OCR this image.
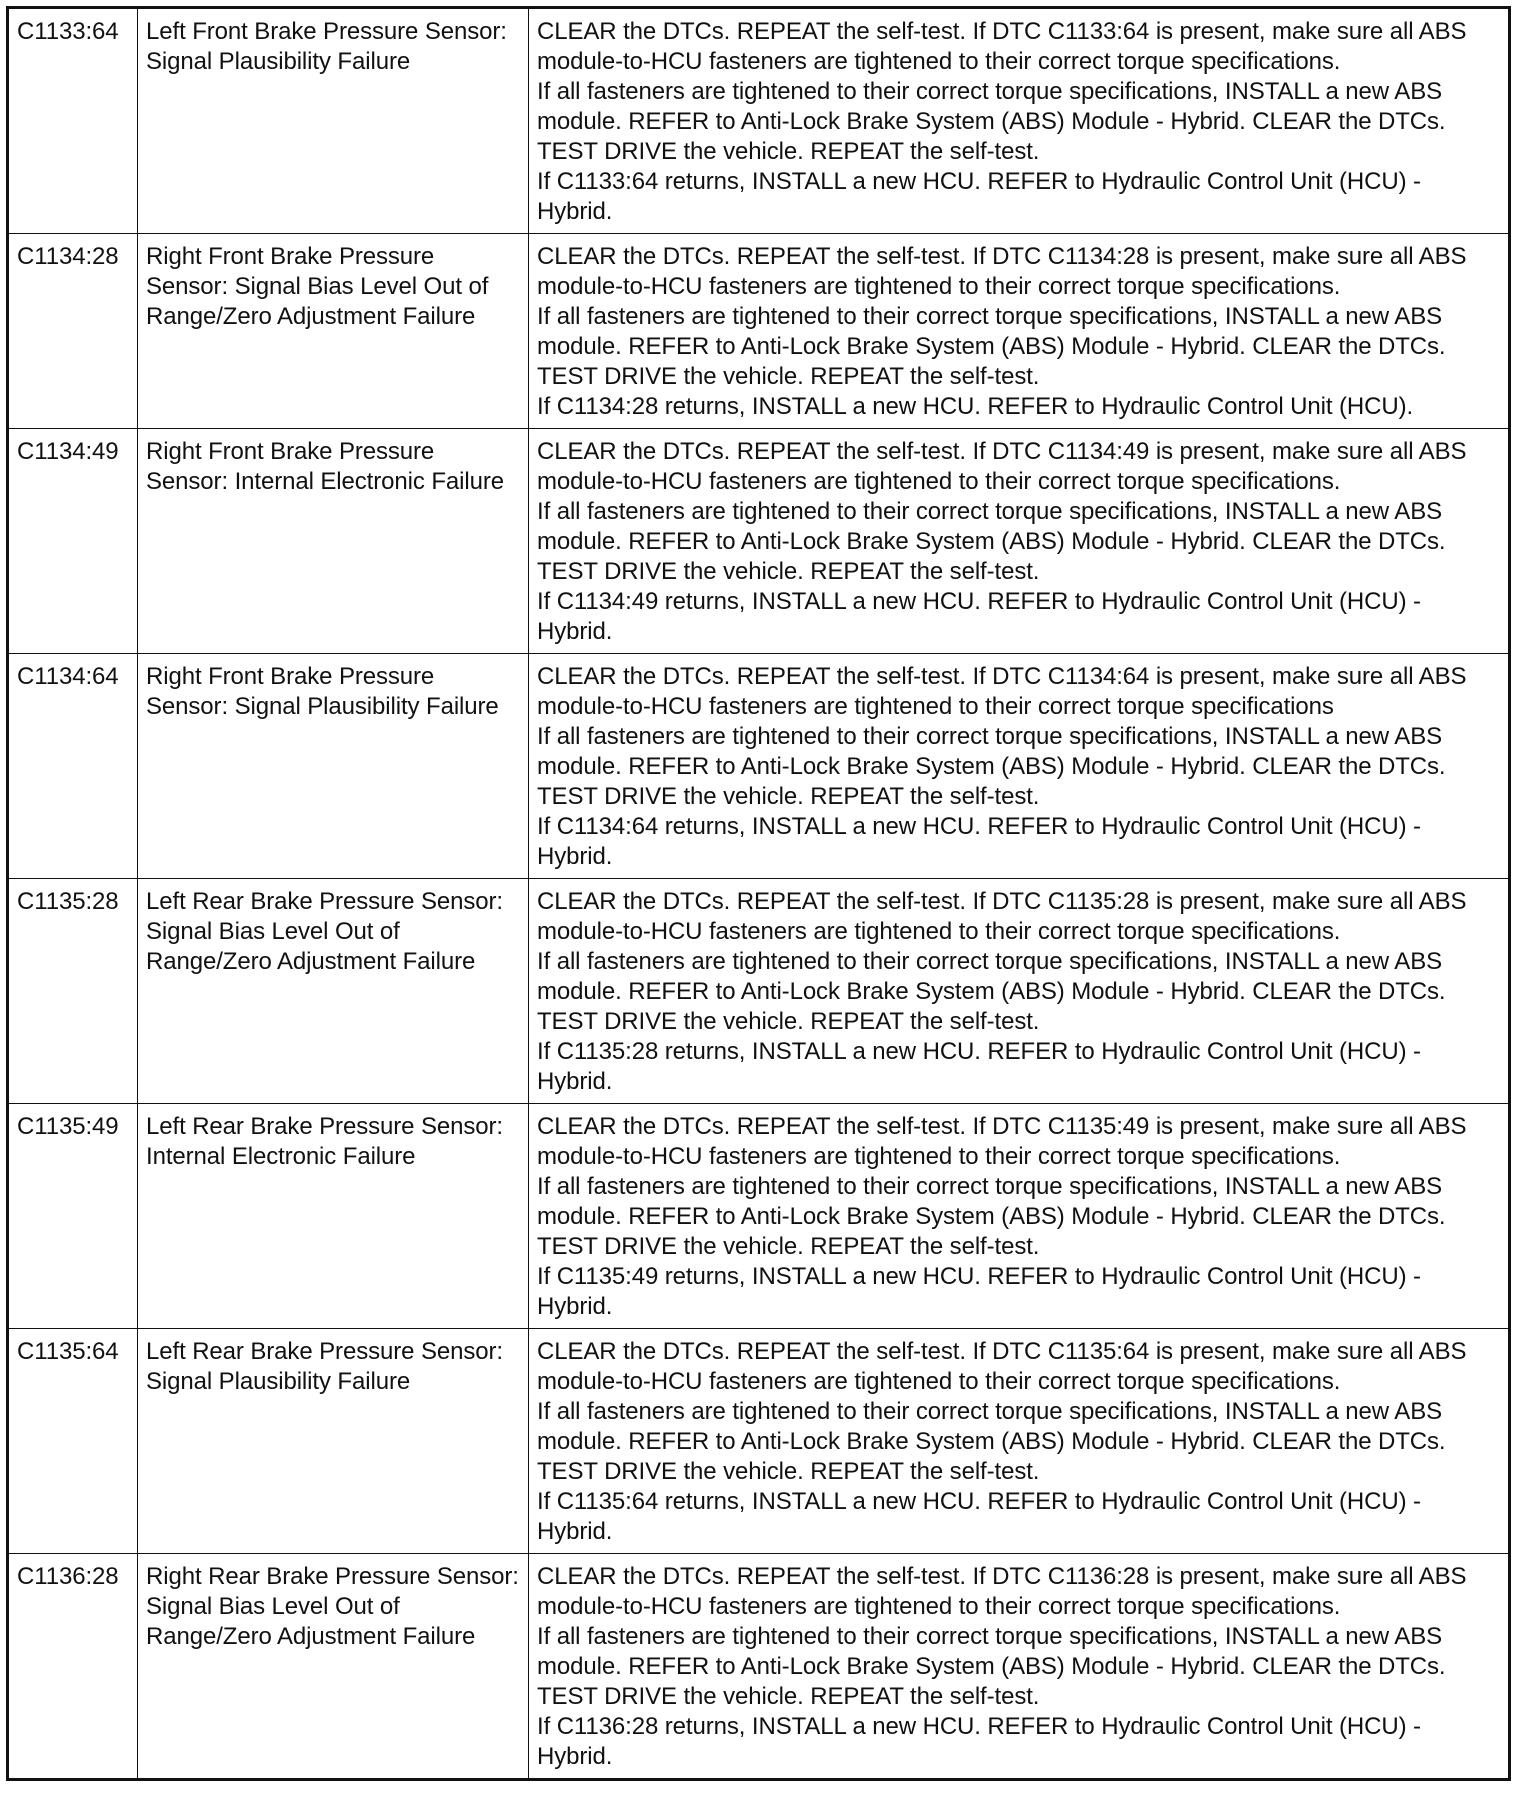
C1133:64	Left Front Brake Pressure Sensor: Signal Plausibility Failure	CLEAR the DTCs. REPEAT the self-test. If DTC C1133:64 is present, make sure all ABS module-to-HCU fasteners are tightened to their correct torque specifications.
If all fasteners are tightened to their correct torque specifications, INSTALL a new ABS module. REFER to Anti-Lock Brake System (ABS) Module - Hybrid. CLEAR the DTCs. TEST DRIVE the vehicle. REPEAT the self-test.
If C1133:64 returns, INSTALL a new HCU. REFER to Hydraulic Control Unit (HCU) - Hybrid.

C1134:28	Right Front Brake Pressure Sensor: Signal Bias Level Out of Range/Zero Adjustment Failure	CLEAR the DTCs. REPEAT the self-test. If DTC C1134:28 is present, make sure all ABS module-to-HCU fasteners are tightened to their correct torque specifications.
If all fasteners are tightened to their correct torque specifications, INSTALL a new ABS module. REFER to Anti-Lock Brake System (ABS) Module - Hybrid. CLEAR the DTCs. TEST DRIVE the vehicle. REPEAT the self-test.
If C1134:28 returns, INSTALL a new HCU. REFER to Hydraulic Control Unit (HCU).

C1134:49	Right Front Brake Pressure Sensor: Internal Electronic Failure	CLEAR the DTCs. REPEAT the self-test. If DTC C1134:49 is present, make sure all ABS module-to-HCU fasteners are tightened to their correct torque specifications.
If all fasteners are tightened to their correct torque specifications, INSTALL a new ABS module. REFER to Anti-Lock Brake System (ABS) Module - Hybrid. CLEAR the DTCs. TEST DRIVE the vehicle. REPEAT the self-test.
If C1134:49 returns, INSTALL a new HCU. REFER to Hydraulic Control Unit (HCU) - Hybrid.

C1134:64	Right Front Brake Pressure Sensor: Signal Plausibility Failure	CLEAR the DTCs. REPEAT the self-test. If DTC C1134:64 is present, make sure all ABS module-to-HCU fasteners are tightened to their correct torque specifications
If all fasteners are tightened to their correct torque specifications, INSTALL a new ABS module. REFER to Anti-Lock Brake System (ABS) Module - Hybrid. CLEAR the DTCs. TEST DRIVE the vehicle. REPEAT the self-test.
If C1134:64 returns, INSTALL a new HCU. REFER to Hydraulic Control Unit (HCU) - Hybrid.

C1135:28	Left Rear Brake Pressure Sensor: Signal Bias Level Out of Range/Zero Adjustment Failure	CLEAR the DTCs. REPEAT the self-test. If DTC C1135:28 is present, make sure all ABS module-to-HCU fasteners are tightened to their correct torque specifications.
If all fasteners are tightened to their correct torque specifications, INSTALL a new ABS module. REFER to Anti-Lock Brake System (ABS) Module - Hybrid. CLEAR the DTCs. TEST DRIVE the vehicle. REPEAT the self-test.
If C1135:28 returns, INSTALL a new HCU. REFER to Hydraulic Control Unit (HCU) - Hybrid.

C1135:49	Left Rear Brake Pressure Sensor: Internal Electronic Failure	CLEAR the DTCs. REPEAT the self-test. If DTC C1135:49 is present, make sure all ABS module-to-HCU fasteners are tightened to their correct torque specifications.
If all fasteners are tightened to their correct torque specifications, INSTALL a new ABS module. REFER to Anti-Lock Brake System (ABS) Module - Hybrid. CLEAR the DTCs. TEST DRIVE the vehicle. REPEAT the self-test.
If C1135:49 returns, INSTALL a new HCU. REFER to Hydraulic Control Unit (HCU) - Hybrid.

C1135:64	Left Rear Brake Pressure Sensor: Signal Plausibility Failure	CLEAR the DTCs. REPEAT the self-test. If DTC C1135:64 is present, make sure all ABS module-to-HCU fasteners are tightened to their correct torque specifications.
If all fasteners are tightened to their correct torque specifications, INSTALL a new ABS module. REFER to Anti-Lock Brake System (ABS) Module - Hybrid. CLEAR the DTCs. TEST DRIVE the vehicle. REPEAT the self-test.
If C1135:64 returns, INSTALL a new HCU. REFER to Hydraulic Control Unit (HCU) - Hybrid.

C1136:28	Right Rear Brake Pressure Sensor: Signal Bias Level Out of Range/Zero Adjustment Failure	CLEAR the DTCs. REPEAT the self-test. If DTC C1136:28 is present, make sure all ABS module-to-HCU fasteners are tightened to their correct torque specifications.
If all fasteners are tightened to their correct torque specifications, INSTALL a new ABS module. REFER to Anti-Lock Brake System (ABS) Module - Hybrid. CLEAR the DTCs. TEST DRIVE the vehicle. REPEAT the self-test.
If C1136:28 returns, INSTALL a new HCU. REFER to Hydraulic Control Unit (HCU) - Hybrid.
